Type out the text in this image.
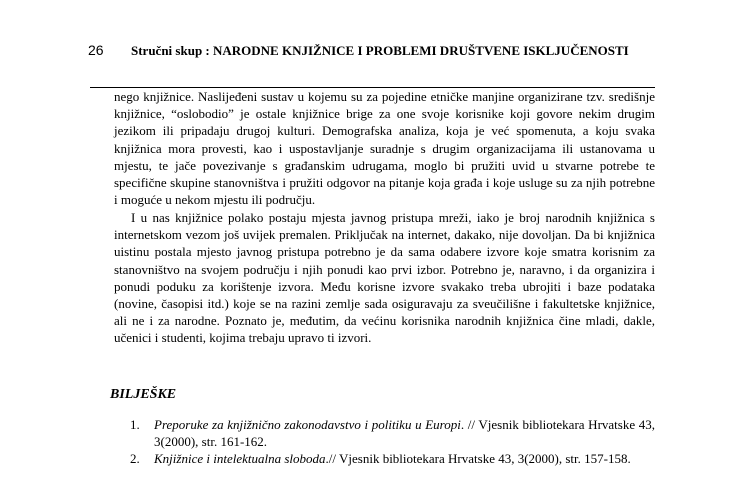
26 Stručni skup : NARODNE KNJIŽNICE I PROBLEMI DRUŠTVENE ISKLJUČENOSTI

nego knjižnice. Naslijeđeni sustav u kojemu su za pojedine etničke manjine organizirane tzv. središnje knjižnice, “oslobodio” je ostale knjižnice brige za one svoje korisnike koji govore nekim drugim jezikom ili pripadaju drugoj kulturi. Demografska analiza, koja je već spomenuta, a koju svaka knjižnica mora provesti, kao i uspostavljanje suradnje s drugim organizacijama ili ustanovama u mjestu, te jače povezivanje s građanskim udrugama, moglo bi pružiti uvid u stvarne potrebe te specifične skupine stanovništva i pružiti odgovor na pitanje koja građa i koje usluge su za njih potrebne i moguće u nekom mjestu ili području.

I u nas knjižnice polako postaju mjesta javnog pristupa mreži, iako je broj narodnih knjižnica s internetskom vezom još uvijek premalen. Priključak na internet, dakako, nije dovoljan. Da bi knjižnica uistinu postala mjesto javnog pristupa potrebno je da sama odabere izvore koje smatra korisnim za stanovništvo na svojem području i njih ponudi kao prvi izbor. Potrebno je, naravno, i da organizira i ponudi poduku za korištenje izvora. Među korisne izvore svakako treba ubrojiti i baze podataka (novine, časopisi itd.) koje se na razini zemlje sada osiguravaju za sveučilišne i fakultetske knjižnice, ali ne i za narodne. Poznato je, međutim, da većinu korisnika narodnih knjižnica čine mladi, dakle, učenici i studenti, kojima trebaju upravo ti izvori.

BILJEŠKE
1. Preporuke za knjižnično zakonodavstvo i politiku u Europi. // Vjesnik bibliotekara Hrvatske 43, 3(2000), str. 161-162.
2. Knjižnice i intelektualna sloboda.// Vjesnik bibliotekara Hrvatske 43, 3(2000), str. 157-158.
